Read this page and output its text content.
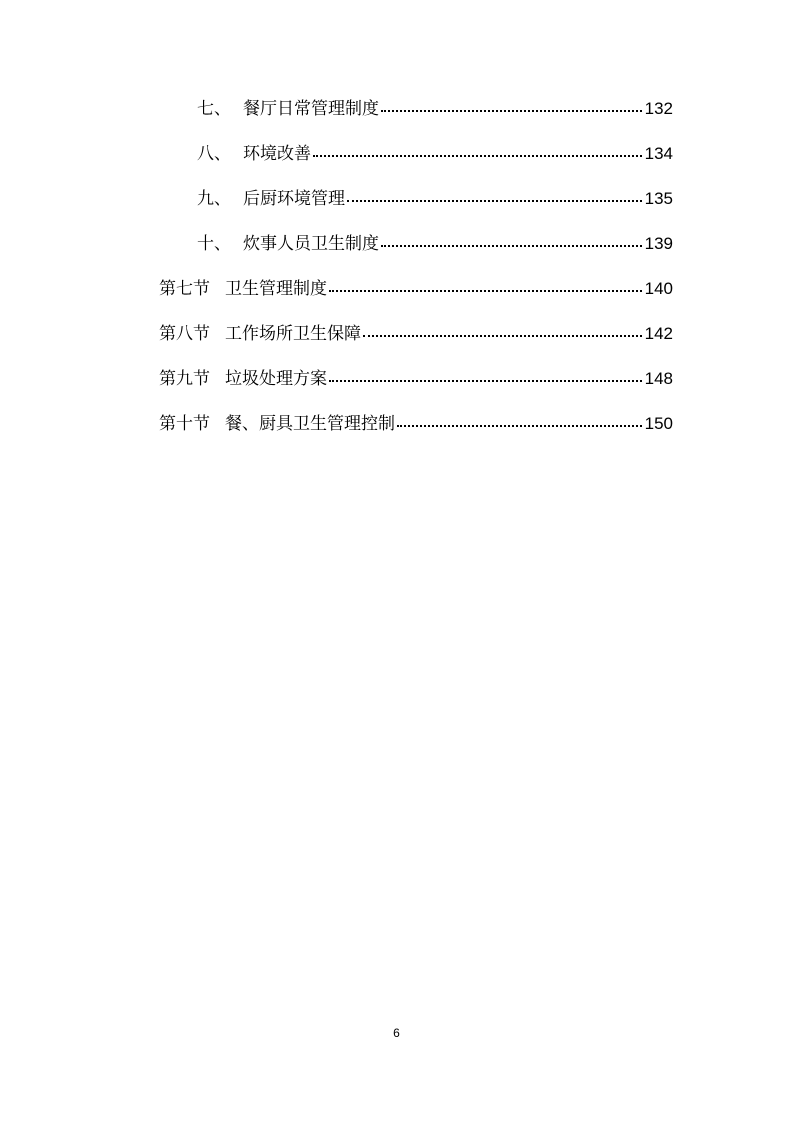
七、 餐厅日常管理制度	132
八、 环境改善	134
九、 后厨环境管理	135
十、 炊事人员卫生制度	139
第七节 卫生管理制度	140
第八节 工作场所卫生保障	142
第九节 垃圾处理方案	148
第十节 餐、厨具卫生管理控制	150
6
